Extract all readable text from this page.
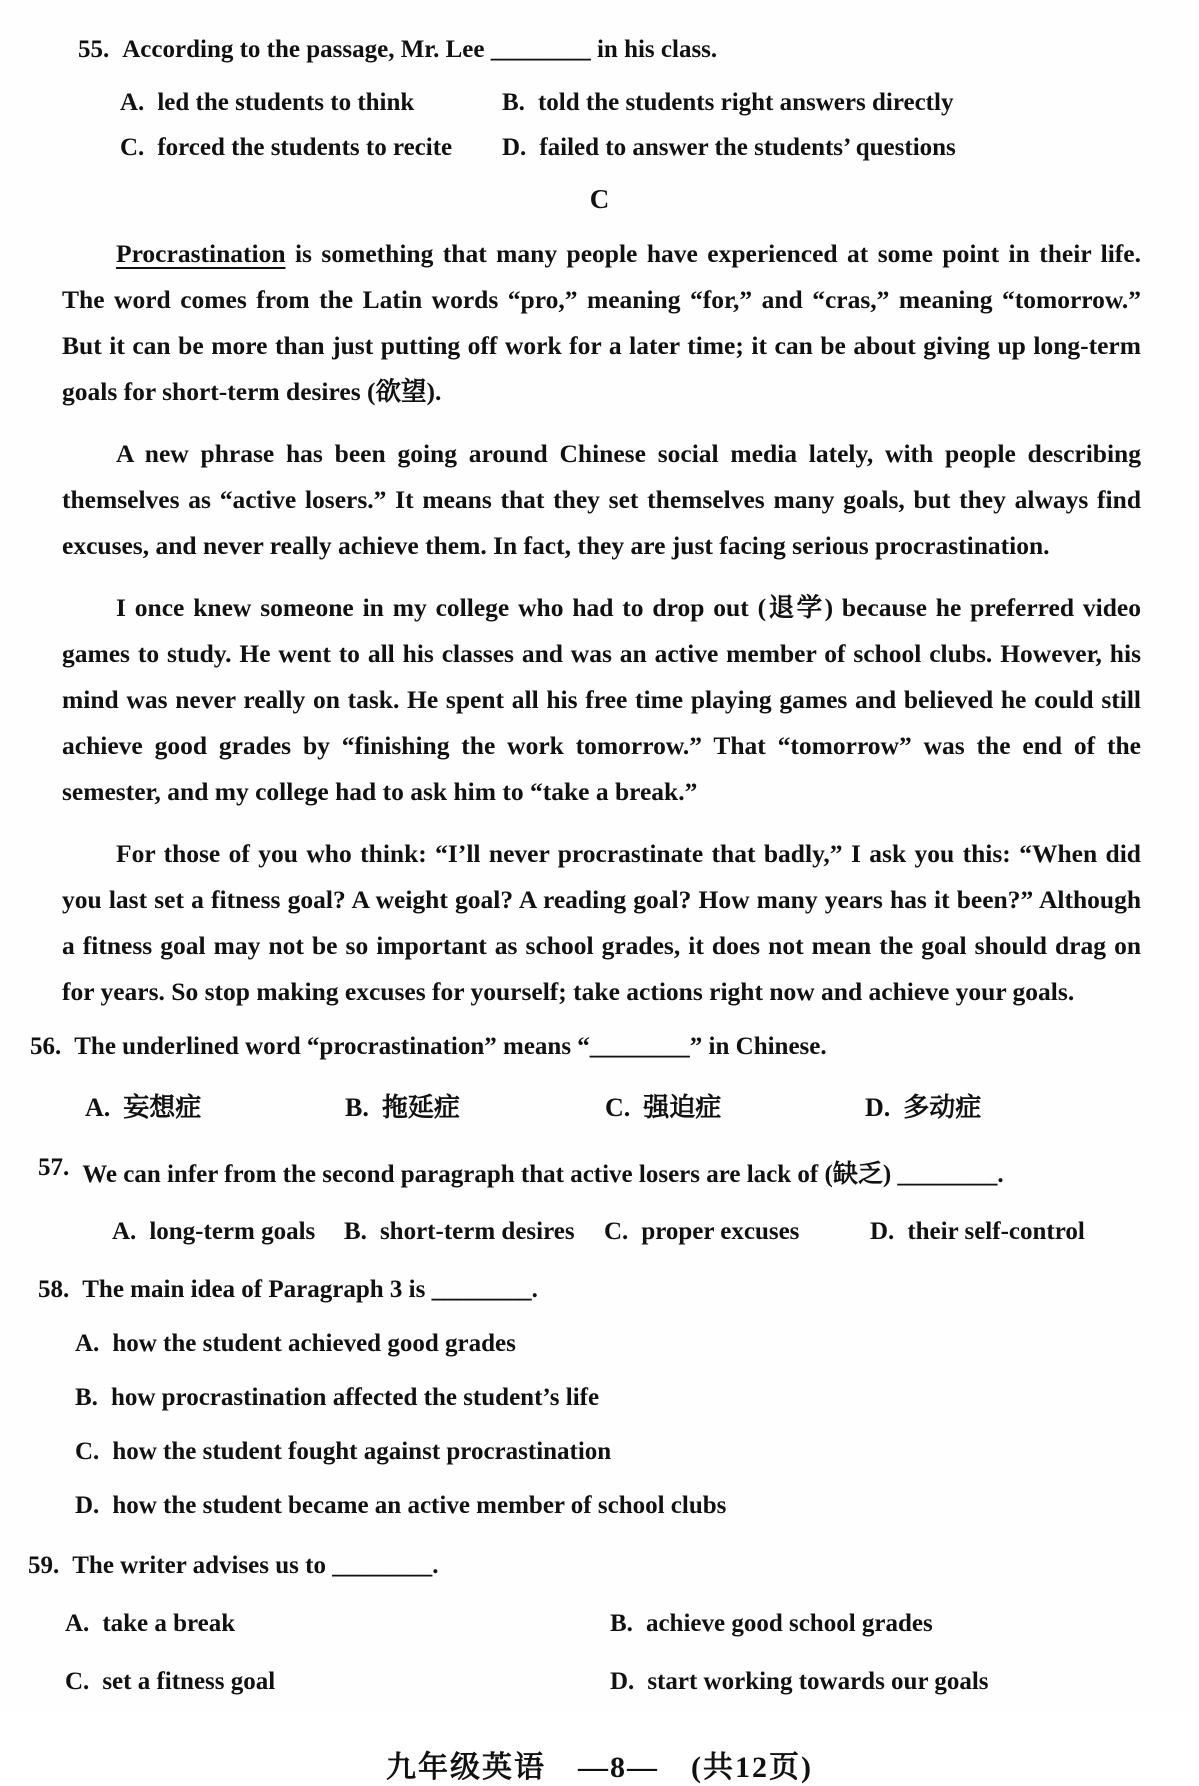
55. According to the passage, Mr. Lee ________ in his class.
A. led the students to think	B. told the students right answers directly
C. forced the students to recite D. failed to answer the students’ questions
C

Procrastination is something that many people have experienced at some point in their life. The word comes from the Latin words “pro,” meaning “for,” and “cras,” meaning “tomorrow.” But it can be more than just putting off work for a later time; it can be about giving up long-term goals for short-term desires (欲望).

A new phrase has been going around Chinese social media lately, with people describing themselves as “active losers.” It means that they set themselves many goals, but they always find excuses, and never really achieve them. In fact, they are just facing serious procrastination.

I once knew someone in my college who had to drop out (退学) because he preferred video games to study. He went to all his classes and was an active member of school clubs. However, his mind was never really on task. He spent all his free time playing games and believed he could still achieve good grades by “finishing the work tomorrow.” That “tomorrow” was the end of the semester, and my college had to ask him to “take a break.”

For those of you who think: “I’ll never procrastinate that badly,” I ask you this: “When did you last set a fitness goal? A weight goal? A reading goal? How many years has it been?” Although a fitness goal may not be so important as school grades, it does not mean the goal should drag on for years. So stop making excuses for yourself; take actions right now and achieve your goals.

56. The underlined word “procrastination” means “________” in Chinese.
A. 妄想症	B. 拖延症	C. 强迫症	D. 多动症
57. We can infer from the second paragraph that active losers are lack of (缺乏) ________.
A. long-term goals B. short-term desires C. proper excuses	D. their self-control
58. The main idea of Paragraph 3 is ________.
A. how the student achieved good grades
B. how procrastination affected the student’s life
C. how the student fought against procrastination
D. how the student became an active member of school clubs
59. The writer advises us to ________.
A. take a break	B. achieve good school grades
C. set a fitness goal	D. start working towards our goals
九年级英语　—8—　(共12页)
